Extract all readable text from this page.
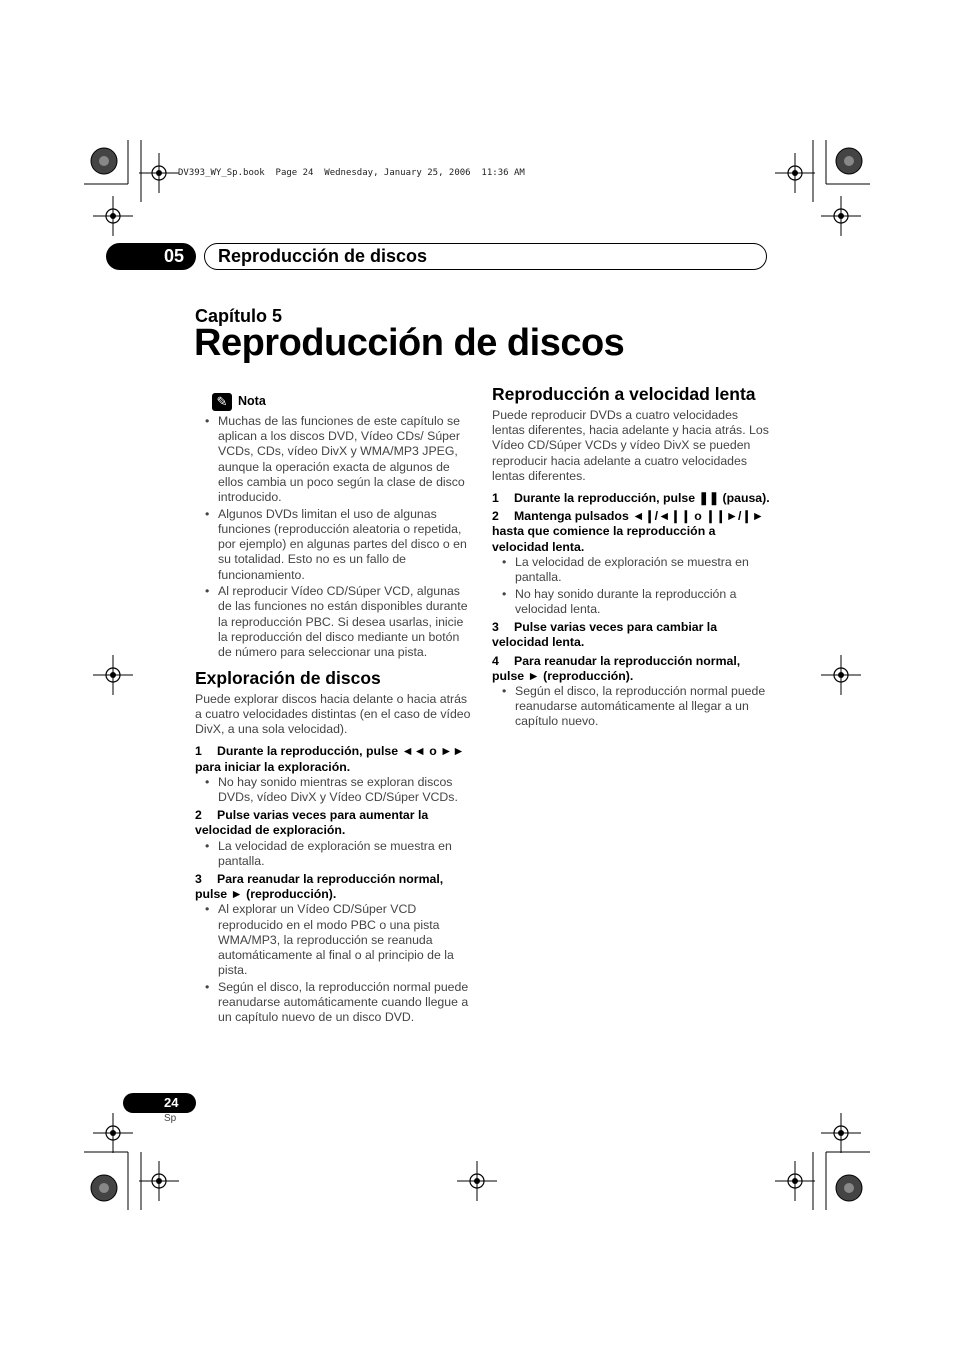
DV393_WY_Sp.book  Page 24  Wednesday, January 25, 2006  11:36 AM
05	Reproducción de discos
Capítulo 5
Reproducción de discos
✎ Nota
• Muchas de las funciones de este capítulo se aplican a los discos DVD, Vídeo CDs/ Súper VCDs, CDs, vídeo DivX y WMA/MP3 JPEG, aunque la operación exacta de algunos de ellos cambia un poco según la clase de disco introducido.
• Algunos DVDs limitan el uso de algunas funciones (reproducción aleatoria o repetida, por ejemplo) en algunas partes del disco o en su totalidad. Esto no es un fallo de funcionamiento.
• Al reproducir Vídeo CD/Súper VCD, algunas de las funciones no están disponibles durante la reproducción PBC. Si desea usarlas, inicie la reproducción del disco mediante un botón de número para seleccionar una pista.
Exploración de discos
Puede explorar discos hacia delante o hacia atrás a cuatro velocidades distintas (en el caso de vídeo DivX, a una sola velocidad).
1 Durante la reproducción, pulse ◄◄ o ►► para iniciar la exploración.
• No hay sonido mientras se exploran discos DVDs, vídeo DivX y Vídeo CD/Súper VCDs.
2 Pulse varias veces para aumentar la velocidad de exploración.
• La velocidad de exploración se muestra en pantalla.
3 Para reanudar la reproducción normal, pulse ► (reproducción).
• Al explorar un Vídeo CD/Súper VCD reproducido en el modo PBC o una pista WMA/MP3, la reproducción se reanuda automáticamente al final o al principio de la pista.
• Según el disco, la reproducción normal puede reanudarse automáticamente cuando llegue a un capítulo nuevo de un disco DVD.
Reproducción a velocidad lenta
Puede reproducir DVDs a cuatro velocidades lentas diferentes, hacia adelante y hacia atrás. Los Vídeo CD/Súper VCDs y vídeo DivX se pueden reproducir hacia adelante a cuatro velocidades lentas diferentes.
1 Durante la reproducción, pulse ❚❚ (pausa).
2 Mantenga pulsados ◄❙/◄❙❙ o ❙❙►/❙► hasta que comience la reproducción a velocidad lenta.
• La velocidad de exploración se muestra en pantalla.
• No hay sonido durante la reproducción a velocidad lenta.
3 Pulse varias veces para cambiar la velocidad lenta.
4 Para reanudar la reproducción normal, pulse ► (reproducción).
• Según el disco, la reproducción normal puede reanudarse automáticamente al llegar a un capítulo nuevo.
24
Sp
